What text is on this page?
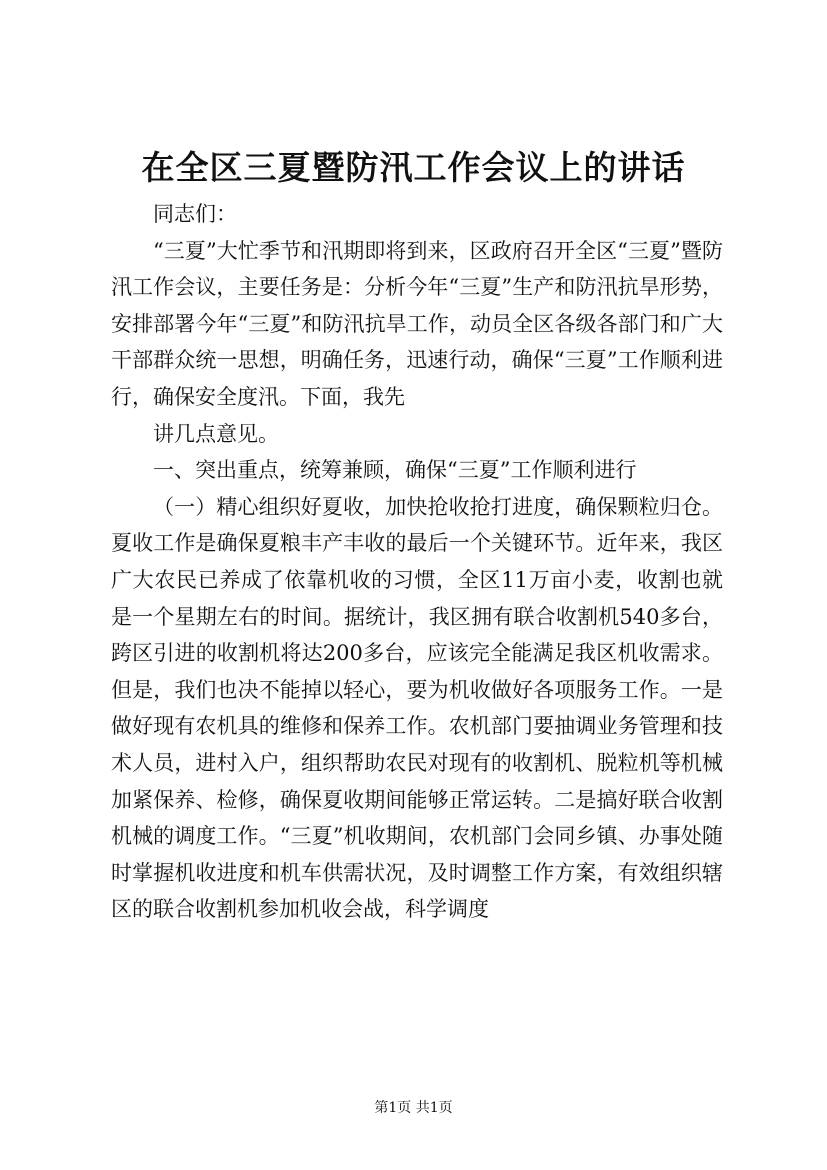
在全区三夏暨防汛工作会议上的讲话

同志们：

“三夏”大忙季节和汛期即将到来，区政府召开全区“三夏”暨防汛工作会议，主要任务是：分析今年“三夏”生产和防汛抗旱形势，安排部署今年“三夏”和防汛抗旱工作，动员全区各级各部门和广大干部群众统一思想，明确任务，迅速行动，确保“三夏”工作顺利进行，确保安全度汛。下面，我先

讲几点意见。

一、突出重点，统筹兼顾，确保“三夏”工作顺利进行

（一）精心组织好夏收，加快抢收抢打进度，确保颗粒归仓。夏收工作是确保夏粮丰产丰收的最后一个关键环节。近年来，我区广大农民已养成了依靠机收的习惯，全区11万亩小麦，收割也就是一个星期左右的时间。据统计，我区拥有联合收割机540多台，跨区引进的收割机将达200多台，应该完全能满足我区机收需求。但是，我们也决不能掉以轻心，要为机收做好各项服务工作。一是做好现有农机具的维修和保养工作。农机部门要抽调业务管理和技术人员，进村入户，组织帮助农民对现有的收割机、脱粒机等机械加紧保养、检修，确保夏收期间能够正常运转。二是搞好联合收割机械的调度工作。“三夏”机收期间，农机部门会同乡镇、办事处随时掌握机收进度和机车供需状况，及时调整工作方案，有效组织辖区的联合收割机参加机收会战，科学调度

第1页 共1页
